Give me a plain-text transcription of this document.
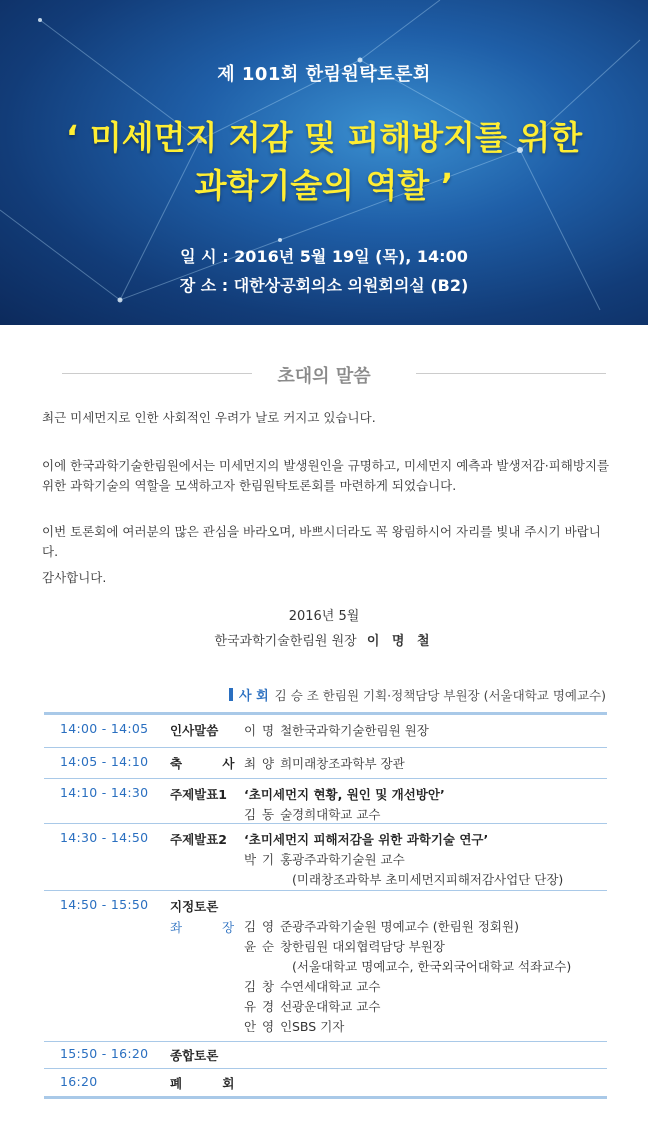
제 101회 한림원탁토론회
‘ 미세먼지 저감 및 피해방지를 위한
과학기술의 역할 ’
일 시 : 2016년 5월 19일 (목), 14:00
장 소 : 대한상공회의소 의원회의실 (B2)
초대의 말씀
최근 미세먼지로 인한 사회적인 우려가 날로 커지고 있습니다.
이에 한국과학기술한림원에서는 미세먼지의 발생원인을 규명하고, 미세먼지 예측과 발생저감·피해방지를
위한 과학기술의 역할을 모색하고자 한림원탁토론회를 마련하게 되었습니다.
이번 토론회에 여러분의 많은 관심을 바라오며, 바쁘시더라도 꼭 왕림하시어 자리를 빛내 주시기 바랍니다.
감사합니다.
2016년 5월
한국과학기술한림원 원장 이 명 철
사 회 김 승 조 한림원 기획·정책담당 부원장 (서울대학교 명예교수)
14:00 - 14:05 인사말씀 이 명 철한국과학기술한림원 원장
14:05 - 14:10 축 사
최 양 희미래창조과학부 장관
14:10 - 14:30 주제발표1 ‘초미세먼지 현황, 원인 및 개선방안’
김 동 술경희대학교 교수
14:30 - 14:50 주제발표2 ‘초미세먼지 피해저감을 위한 과학기술 연구’
박 기 홍광주과학기술원 교수
(미래창조과학부 초미세먼지피해저감사업단 단장)
14:50 - 15:50 지정토론
좌 장
김 영 준광주과학기술원 명예교수 (한림원 정회원)
윤 순 창한림원 대외협력담당 부원장
(서울대학교 명예교수, 한국외국어대학교 석좌교수)
김 창 수연세대학교 교수
유 경 선광운대학교 교수
안 영 인SBS 기자
15:50 - 16:20 종합토론
16:20	폐 회
